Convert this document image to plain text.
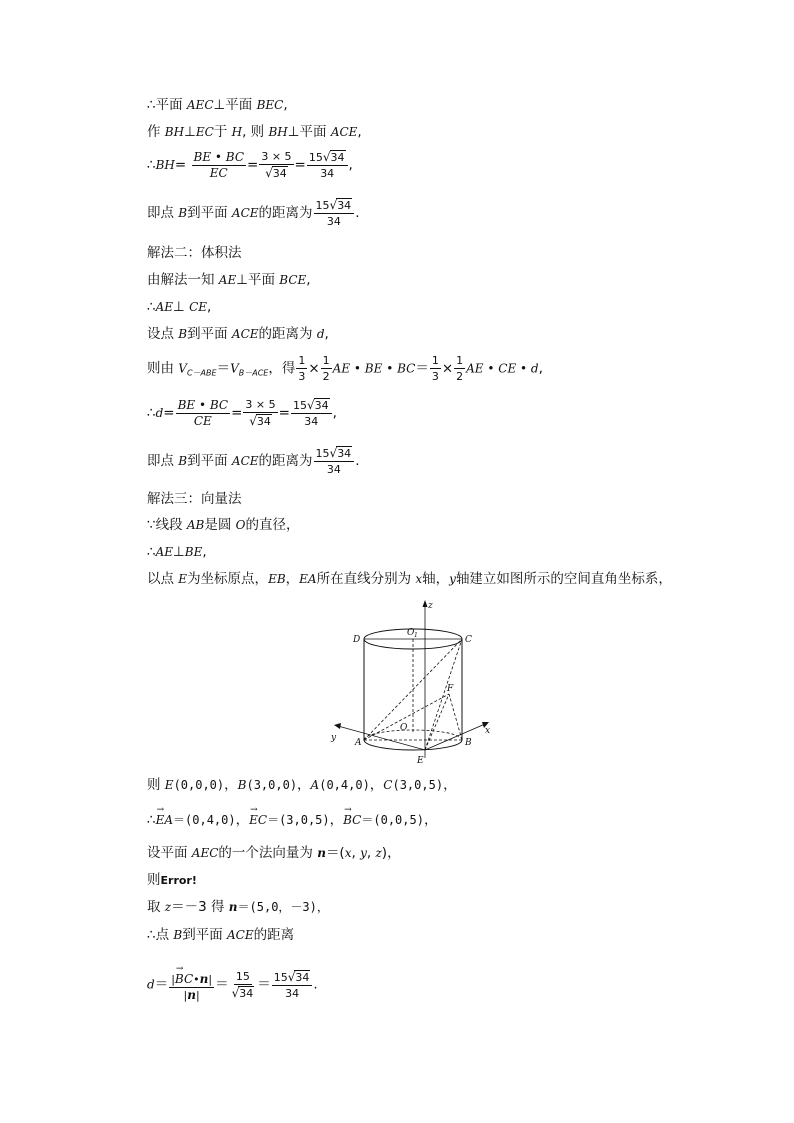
∴平面 AEC⊥平面 BEC,
作 BH⊥EC于 H, 则 BH⊥平面 ACE,
∴BH= $\frac{BE • BC}{EC} = \frac{3 \times 5}{√34} = \frac{15√34}{34}$ ,
即点 B到平面 ACE的距离为 $\frac{15√34}{34}$ .
解法二：体积法
由解法一知 AE⊥平面 BCE,
∴AE⊥ CE,
设点 B到平面 ACE的距离为 d,
则由 $V_{C-ABE}=V_{B-ACE}$，得 $\frac{1}{3} \times \frac{1}{2}$ AE • BE • $BC= \frac{1}{3} \times \frac{1}{2}$ AE • CE • d,
∴d= $\frac{BE • BC}{CE} = \frac{3 \times 5}{√34} = \frac{15√34}{34}$ ,
即点 B到平面 ACE的距离为 $\frac{15√34}{34}$ .
解法三：向量法
∵线段 AB是圆 O的直径，
∴AE⊥BE,
以点 E为坐标原点，EB，EA所在直线分别为 x轴，y轴建立如图所示的空间直角坐标系，
z
x
y
D
O 1	C
F
O
A
E
B
则 E(0,0,0)，B(3,0,0)，A(0,4,0)，C(3,0,5)，
∴→ EA＝(0,4,0)，→ EC＝(3,0,5)，→ BC＝(0,0,5)，
设平面 AEC的一个法向量为 n＝(x, y, z)，
则Error!
取 z＝－3 得 n＝(5,0，－3)，
∴点 B到平面 ACE的距离
$d= \frac{|\to BC•n|}{|n|} = \frac{15}{√34} = \frac{15√34}{34}$ .
